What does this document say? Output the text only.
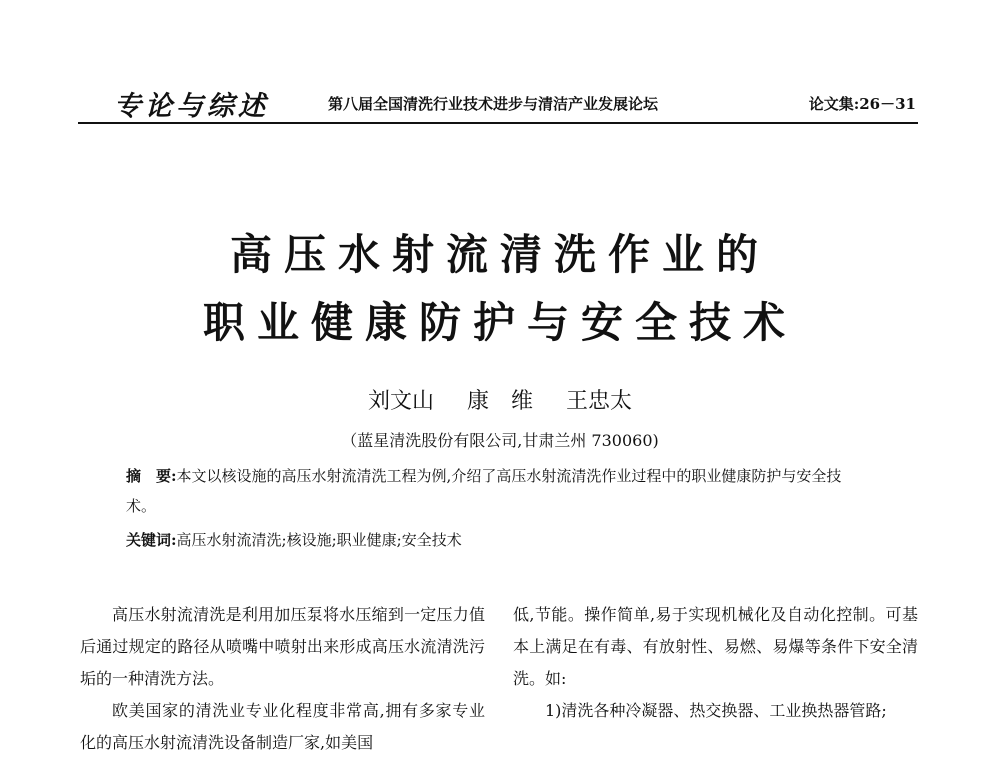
专论与综述	第八届全国清洗行业技术进步与清洁产业发展论坛	论文集:26－31
高压水射流清洗作业的
职业健康防护与安全技术
刘文山 康　维 王忠太
（蓝星清洗股份有限公司,甘肃兰州 730060)
摘　要:本文以核设施的高压水射流清洗工程为例,介绍了高压水射流清洗作业过程中的职业健康防护与安全技术。
关键词:高压水射流清洗;核设施;职业健康;安全技术

高压水射流清洗是利用加压泵将水压缩到一定压力值后通过规定的路径从喷嘴中喷射出来形成高压水流清洗污垢的一种清洗方法。

欧美国家的清洗业专业化程度非常高,拥有多家专业化的高压水射流清洗设备制造厂家,如美国

低,节能。操作简单,易于实现机械化及自动化控制。可基本上满足在有毒、有放射性、易燃、易爆等条件下安全清洗。如:

1)清洗各种冷凝器、热交换器、工业换热器管路;
